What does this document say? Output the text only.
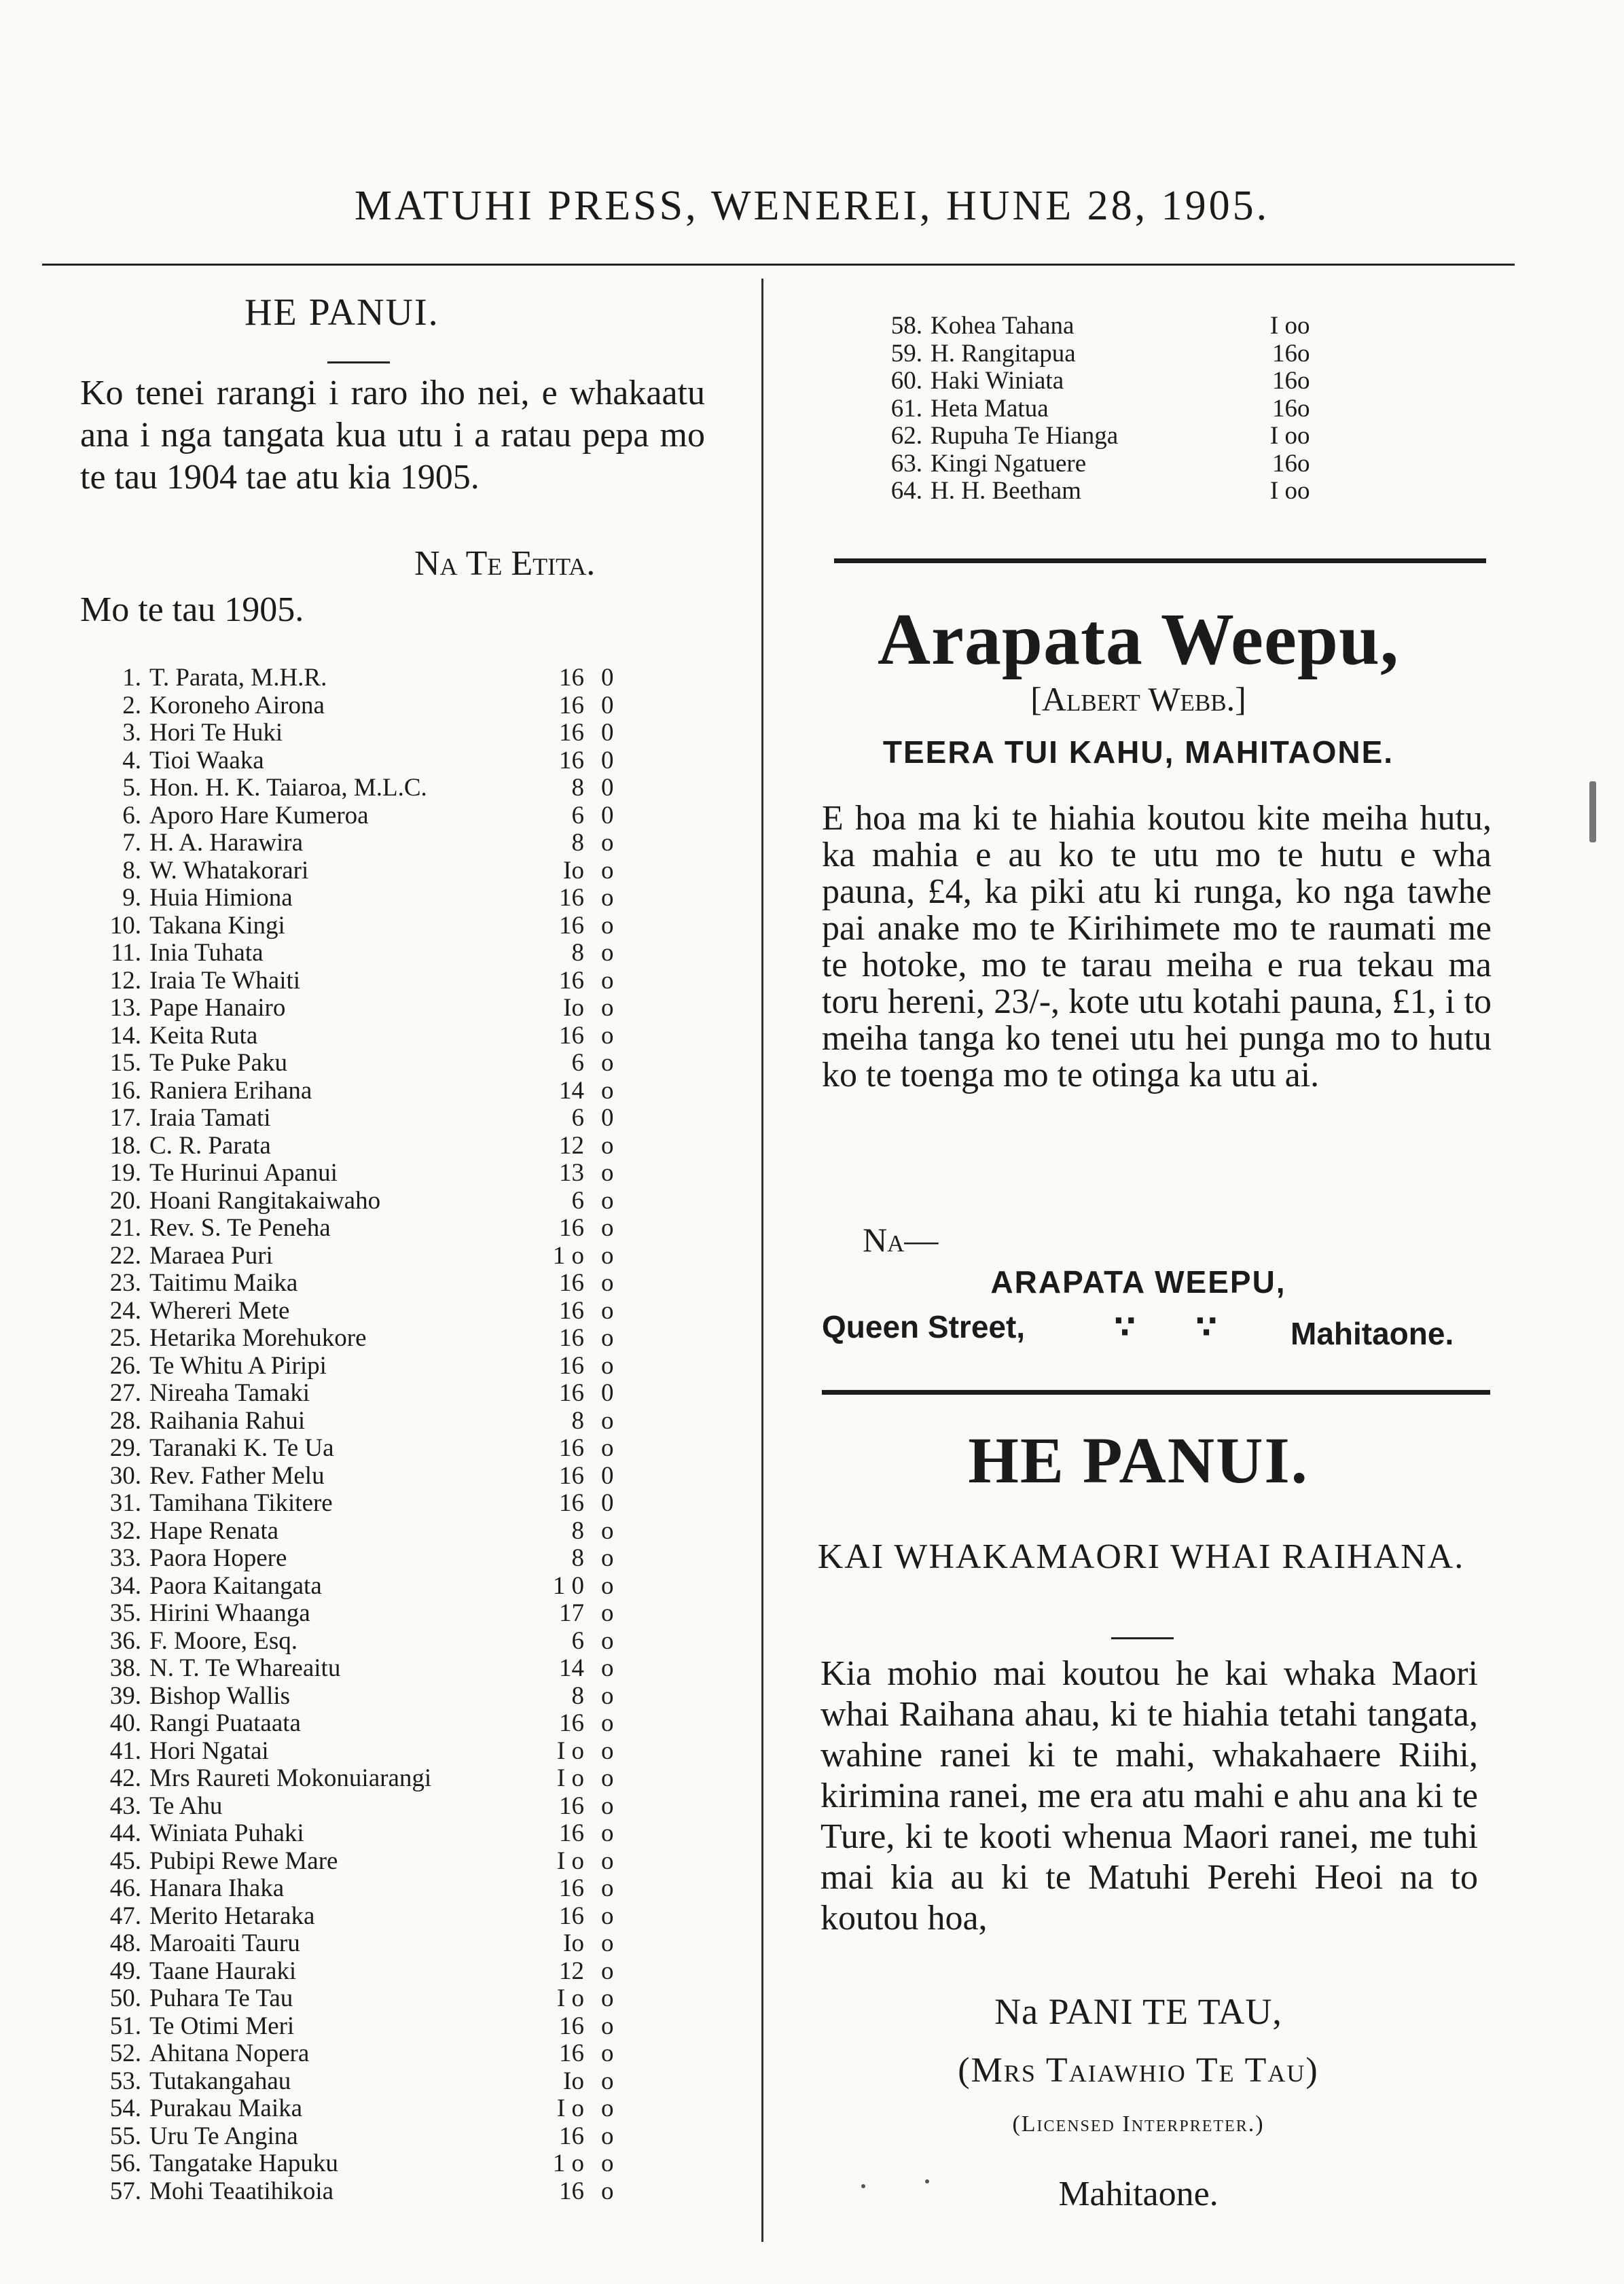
MATUHI PRESS, WENEREI, HUNE 28, 1905.
HE PANUI.
Ko tenei rarangi i raro iho nei, e whakaatu ana i nga tangata kua utu i a ratau pepa mo te tau 1904 tae atu kia 1905.
Na Te Etita.
Mo te tau 1905.
1. T. Parata, M.H.R.	16 0
2. Koroneho Airona	16 0
3. Hori Te Huki	16 0
4. Tioi Waaka	16 0
5. Hon. H. K. Taiaroa, M.L.C.	8 0
6. Aporo Hare Kumeroa	6 0
7. H. A. Harawira	8 o
8. W. Whatakorari	Io o
9. Huia Himiona	16 o
10. Takana Kingi	16 o
11. Inia Tuhata	8 o
12. Iraia Te Whaiti	16 o
13. Pape Hanairo	Io o
14. Keita Ruta	16 o
15. Te Puke Paku	6 o
16. Raniera Erihana	14 o
17. Iraia Tamati	6 0
18. C. R. Parata	12 o
19. Te Hurinui Apanui	13 o
20. Hoani Rangitakaiwaho	6 o
21. Rev. S. Te Peneha	16 o
22. Maraea Puri	1 o o
23. Taitimu Maika	16 o
24. Whereri Mete	16 o
25. Hetarika Morehukore	16 o
26. Te Whitu A Piripi	16 o
27. Nireaha Tamaki	16 0
28. Raihania Rahui	8 o
29. Taranaki K. Te Ua	16 o
30. Rev. Father Melu	16 0
31. Tamihana Tikitere	16 0
32. Hape Renata	8 o
33. Paora Hopere	8 o
34. Paora Kaitangata	1 0 o
35. Hirini Whaanga	17 o
36. F. Moore, Esq.	6 o
38. N. T. Te Whareaitu	14 o
39. Bishop Wallis	8 o
40. Rangi Puataata	16 o
41. Hori Ngatai	I o o
42. Mrs Raureti Mokonuiarangi	I o o
43. Te Ahu	16 o
44. Winiata Puhaki	16 o
45. Pubipi Rewe Mare	I o o
46. Hanara Ihaka	16 o
47. Merito Hetaraka	16 o
48. Maroaiti Tauru	Io o
49. Taane Hauraki	12 o
50. Puhara Te Tau	I o o
51. Te Otimi Meri	16 o
52. Ahitana Nopera	16 o
53. Tutakangahau	Io o
54. Purakau Maika	I o o
55. Uru Te Angina	16 o
56. Tangatake Hapuku	1 o o
57. Mohi Teaatihikoia	16 o
58. Kohea Tahana	I o o
59. H. Rangitapua	16 o
60. Haki Winiata	16 o
61. Heta Matua	16 o
62. Rupuha Te Hianga	I o o
63. Kingi Ngatuere	16 o
64. H. H. Beetham	I o o
Arapata Weepu,
[Albert Webb.]
TEERA TUI KAHU, MAHITAONE.
E hoa ma ki te hiahia koutou kite meiha hutu, ka mahia e au ko te utu mo te hutu e wha pauna, £4, ka piki atu ki runga, ko nga tawhe pai anake mo te Kirihimete mo te raumati me te hotoke, mo te tarau meiha e rua tekau ma toru hereni, 23/-, kote utu kotahi pauna, £1, i to meiha tanga ko tenei utu hei punga mo to hutu ko te toenga mo te otinga ka utu ai.
Na—
ARAPATA WEEPU,
Queen Street,	∵ ∵ Mahitaone.
HE PANUI.
KAI WHAKAMAORI WHAI RAIHANA.
Kia mohio mai koutou he kai whaka Maori whai Raihana ahau, ki te hiahia tetahi tangata, wahine ranei ki te mahi, whakahaere Riihi, kirimina ranei, me era atu mahi e ahu ana ki te Ture, ki te kooti whenua Maori ranei, me tuhi mai kia au ki te Matuhi Perehi Heoi na to koutou hoa,
Na PANI TE TAU,
(Mrs Taiawhio Te Tau)
(Licensed Interpreter.)
Mahitaone.
